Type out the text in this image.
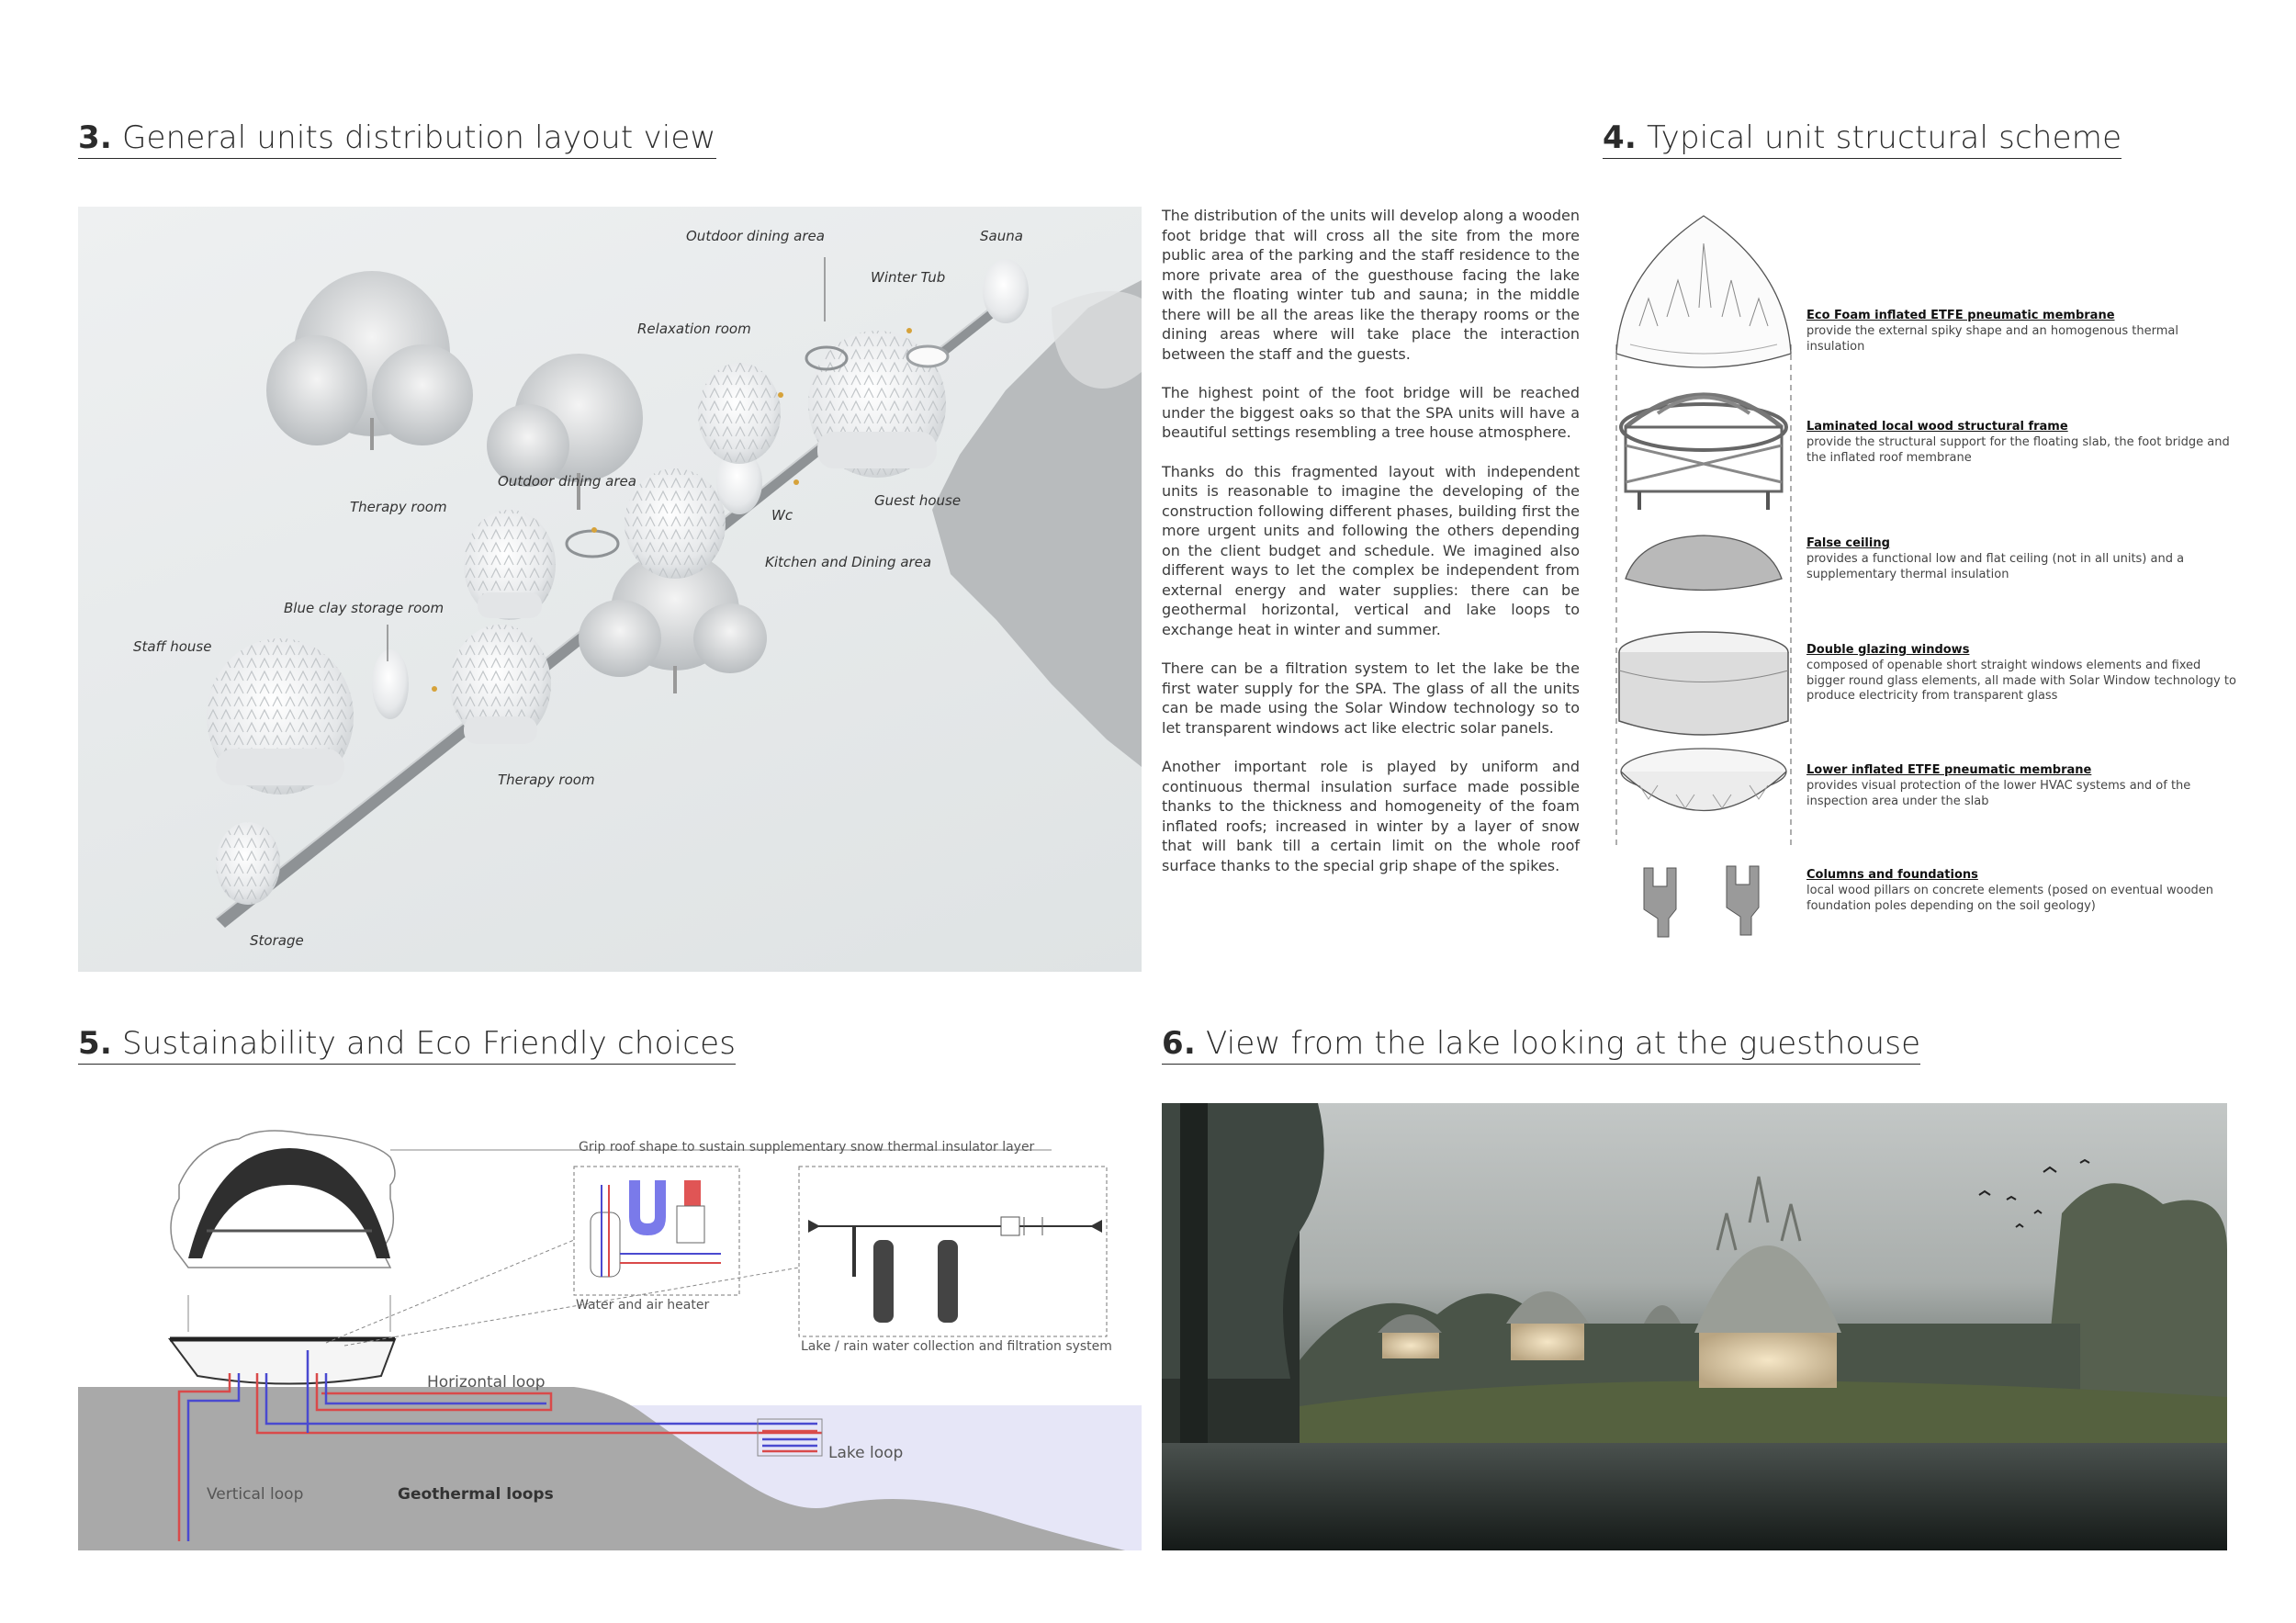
3. General units distribution layout view	4. Typical unit structural scheme
5. Sustainability and Eco Friendly choices	6. View from the lake looking at the guesthouse
Outdoor dining area	Sauna
Winter Tub
Relaxation room
Outdoor dining area
Therapy room	Guest house
Wc
Kitchen and Dining area
Blue clay storage room
Staff house
Therapy room
Storage

The distribution of the units will develop along a wooden foot bridge that will cross all the site from the more public area of the parking and the staff residence to the more private area of the guesthouse facing the lake with the floating winter tub and sauna; in the middle there will be all the areas like the therapy rooms or the dining areas where will take place the interaction between the staff and the guests.

The highest point of the foot bridge will be reached under the biggest oaks so that the SPA units will have a beautiful settings resembling a tree house atmosphere.

Thanks do this fragmented layout with independent units is reasonable to imagine the developing of the construction following different phases, building first the more urgent units and following the others depending on the client budget and schedule. We imagined also different ways to let the complex be independent from external energy and water supplies: there can be geothermal horizontal, vertical and lake loops to exchange heat in winter and summer.

There can be a filtration system to let the lake be the first water supply for the SPA. The glass of all the units can be made using the Solar Window technology so to let transparent windows act like electric solar panels.

Another important role is played by uniform and continuous thermal insulation surface made possible thanks to the thickness and homogeneity of the foam inflated roofs; increased in winter by a layer of snow that will bank till a certain limit on the whole roof surface thanks to the special grip shape of the spikes.

Eco Foam inflated ETFE pneumatic membrane
provide the external spiky shape and an homogenous thermal insulation
Laminated local wood structural frame
provide the structural support for the floating slab, the foot bridge and the inflated roof membrane
False ceiling
provides a functional low and flat ceiling (not in all units) and a supplementary thermal insulation
Double glazing windows
composed of openable short straight windows elements and fixed bigger round glass elements, all made with Solar Window technology to produce electricity from transparent glass
Lower inflated ETFE pneumatic membrane
provides visual protection of the lower HVAC systems and of the inspection area under the slab
Columns and foundations
local wood pillars on concrete elements (posed on eventual wooden foundation poles depending on the soil geology)
Grip roof shape to sustain supplementary snow thermal insulator layer
Water and air heater
Lake / rain water collection and filtration system
Horizontal loop
Lake loop
Vertical loop	Geothermal loops
